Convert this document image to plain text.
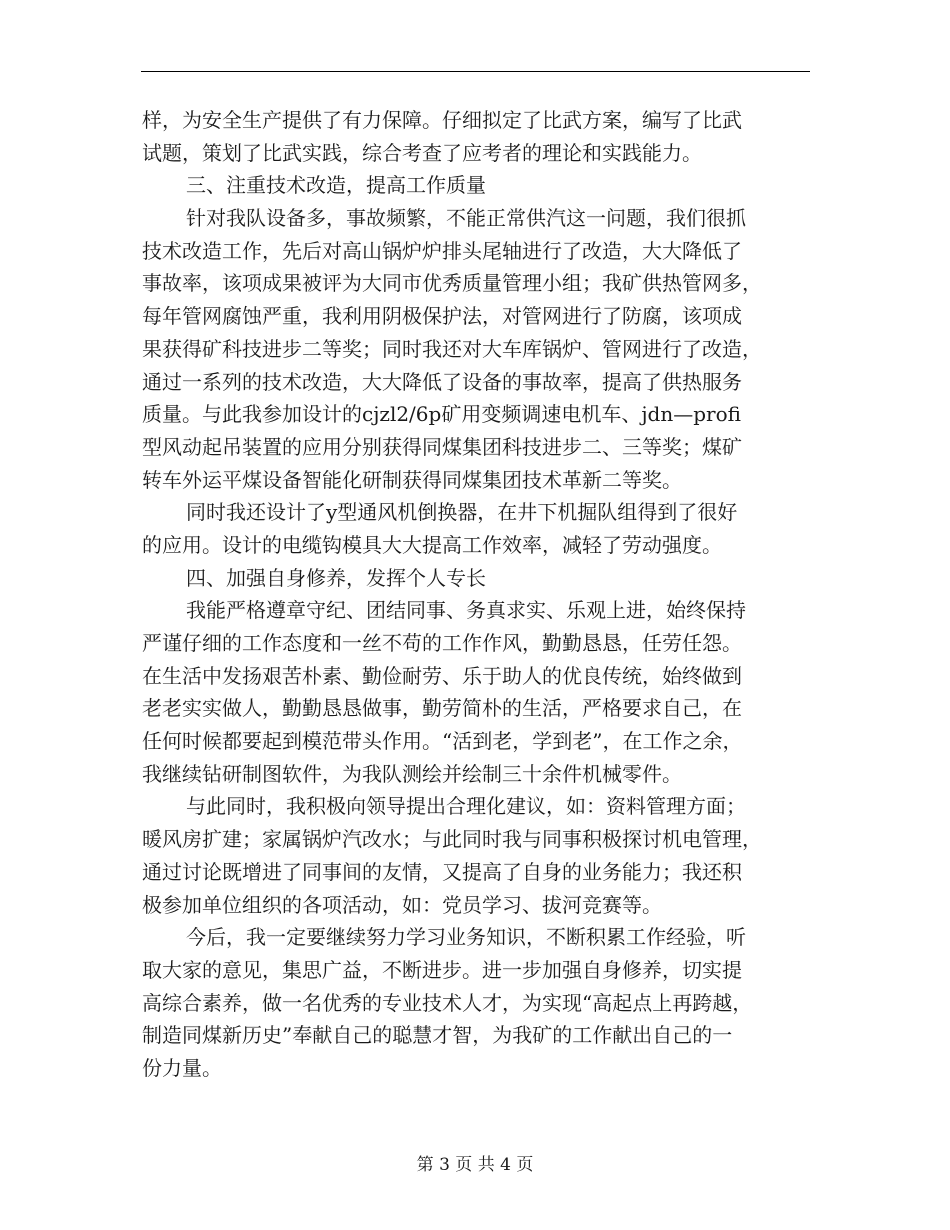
样，为安全生产提供了有力保障。仔细拟定了比武方案，编写了比武
试题，策划了比武实践，综合考查了应考者的理论和实践能力。
三、注重技术改造，提高工作质量
针对我队设备多，事故频繁，不能正常供汽这一问题，我们很抓
技术改造工作，先后对高山锅炉炉排头尾轴进行了改造，大大降低了
事故率，该项成果被评为大同市优秀质量管理小组；我矿供热管网多，
每年管网腐蚀严重，我利用阴极保护法，对管网进行了防腐，该项成
果获得矿科技进步二等奖；同时我还对大车库锅炉、管网进行了改造，
通过一系列的技术改造，大大降低了设备的事故率，提高了供热服务
质量。与此我参加设计的cjzl2/6p矿用变频调速电机车、jdn—profi
型风动起吊装置的应用分别获得同煤集团科技进步二、三等奖；煤矿
转车外运平煤设备智能化研制获得同煤集团技术革新二等奖。
同时我还设计了y型通风机倒换器，在井下机掘队组得到了很好
的应用。设计的电缆钩模具大大提高工作效率，减轻了劳动强度。
四、加强自身修养，发挥个人专长
我能严格遵章守纪、团结同事、务真求实、乐观上进，始终保持
严谨仔细的工作态度和一丝不苟的工作作风，勤勤恳恳，任劳任怨。
在生活中发扬艰苦朴素、勤俭耐劳、乐于助人的优良传统，始终做到
老老实实做人，勤勤恳恳做事，勤劳简朴的生活，严格要求自己，在
任何时候都要起到模范带头作用。“活到老，学到老”，在工作之余，
我继续钻研制图软件，为我队测绘并绘制三十余件机械零件。
与此同时，我积极向领导提出合理化建议，如：资料管理方面；
暖风房扩建；家属锅炉汽改水；与此同时我与同事积极探讨机电管理，
通过讨论既增进了同事间的友情，又提高了自身的业务能力；我还积
极参加单位组织的各项活动，如：党员学习、拔河竞赛等。
今后，我一定要继续努力学习业务知识，不断积累工作经验，听
取大家的意见，集思广益，不断进步。进一步加强自身修养，切实提
高综合素养，做一名优秀的专业技术人才，为实现“高起点上再跨越，
制造同煤新历史”奉献自己的聪慧才智，为我矿的工作献出自己的一
份力量。
第 3 页 共 4 页
